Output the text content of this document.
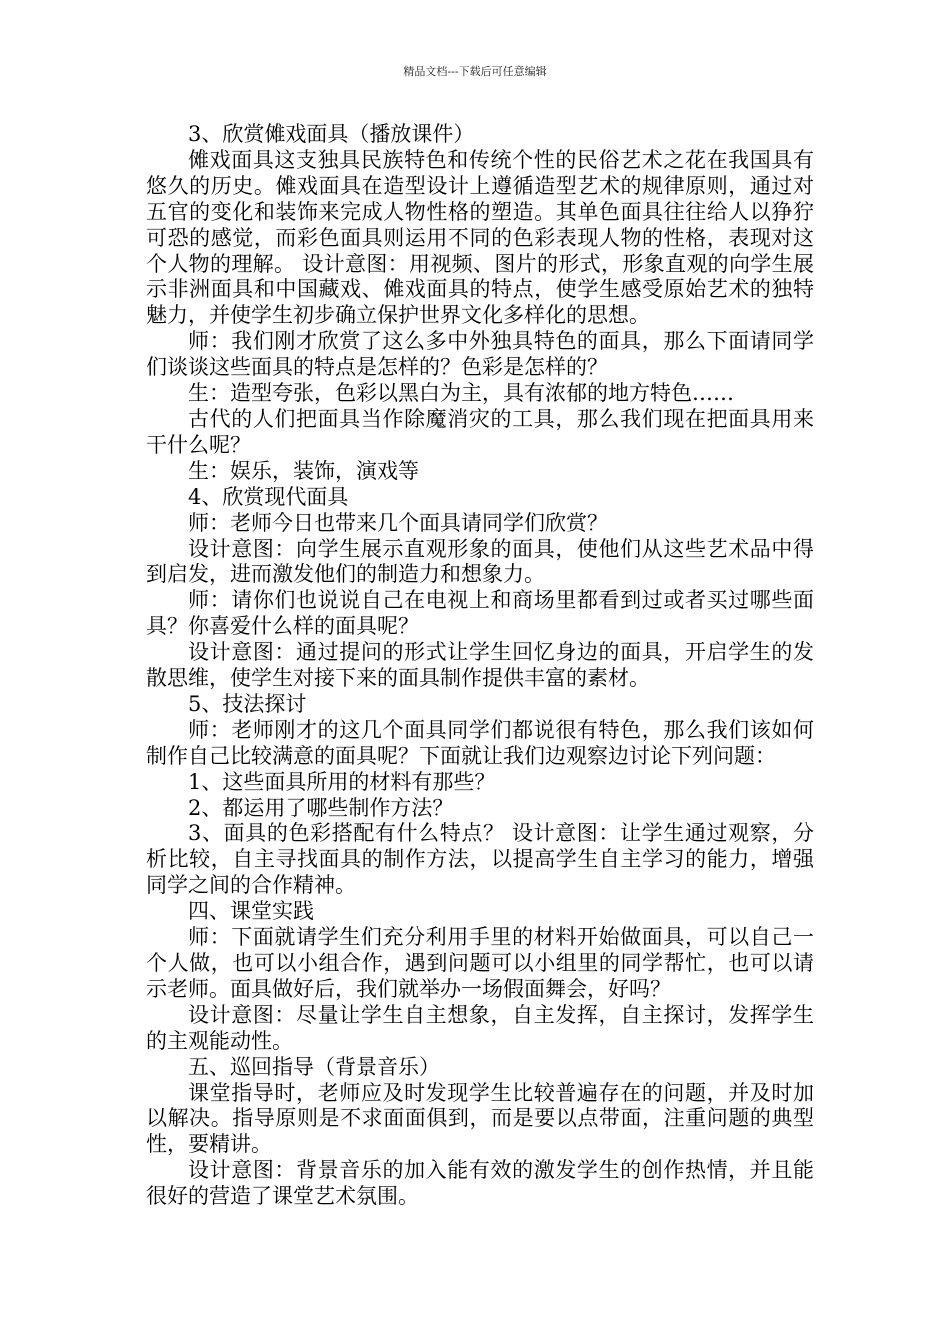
精品文档---下载后可任意编辑

3、欣赏傩戏面具（播放课件）

傩戏面具这支独具民族特色和传统个性的民俗艺术之花在我国具有悠久的历史。傩戏面具在造型设计上遵循造型艺术的规律原则，通过对五官的变化和装饰来完成人物性格的塑造。其单色面具往往给人以狰狞可恐的感觉，而彩色面具则运用不同的色彩表现人物的性格，表现对这个人物的理解。 设计意图：用视频、图片的形式，形象直观的向学生展示非洲面具和中国藏戏、傩戏面具的特点，使学生感受原始艺术的独特魅力，并使学生初步确立保护世界文化多样化的思想。

师：我们刚才欣赏了这么多中外独具特色的面具，那么下面请同学们谈谈这些面具的特点是怎样的？色彩是怎样的？

生：造型夸张，色彩以黑白为主，具有浓郁的地方特色……

古代的人们把面具当作除魔消灾的工具，那么我们现在把面具用来干什么呢？

生：娱乐，装饰，演戏等

4、欣赏现代面具

师：老师今日也带来几个面具请同学们欣赏？

设计意图：向学生展示直观形象的面具，使他们从这些艺术品中得到启发，进而激发他们的制造力和想象力。

师：请你们也说说自己在电视上和商场里都看到过或者买过哪些面具？你喜爱什么样的面具呢？

设计意图：通过提问的形式让学生回忆身边的面具，开启学生的发散思维，使学生对接下来的面具制作提供丰富的素材。

5、技法探讨

师：老师刚才的这几个面具同学们都说很有特色，那么我们该如何制作自己比较满意的面具呢？下面就让我们边观察边讨论下列问题：

1、这些面具所用的材料有那些？

2、都运用了哪些制作方法？

3、面具的色彩搭配有什么特点？ 设计意图：让学生通过观察，分析比较，自主寻找面具的制作方法，以提高学生自主学习的能力，增强同学之间的合作精神。

四、课堂实践

师：下面就请学生们充分利用手里的材料开始做面具，可以自己一个人做，也可以小组合作，遇到问题可以小组里的同学帮忙，也可以请示老师。面具做好后，我们就举办一场假面舞会，好吗？

设计意图：尽量让学生自主想象，自主发挥，自主探讨，发挥学生的主观能动性。

五、巡回指导（背景音乐）

课堂指导时，老师应及时发现学生比较普遍存在的问题，并及时加以解决。指导原则是不求面面俱到，而是要以点带面，注重问题的典型性，要精讲。

设计意图：背景音乐的加入能有效的激发学生的创作热情，并且能很好的营造了课堂艺术氛围。
